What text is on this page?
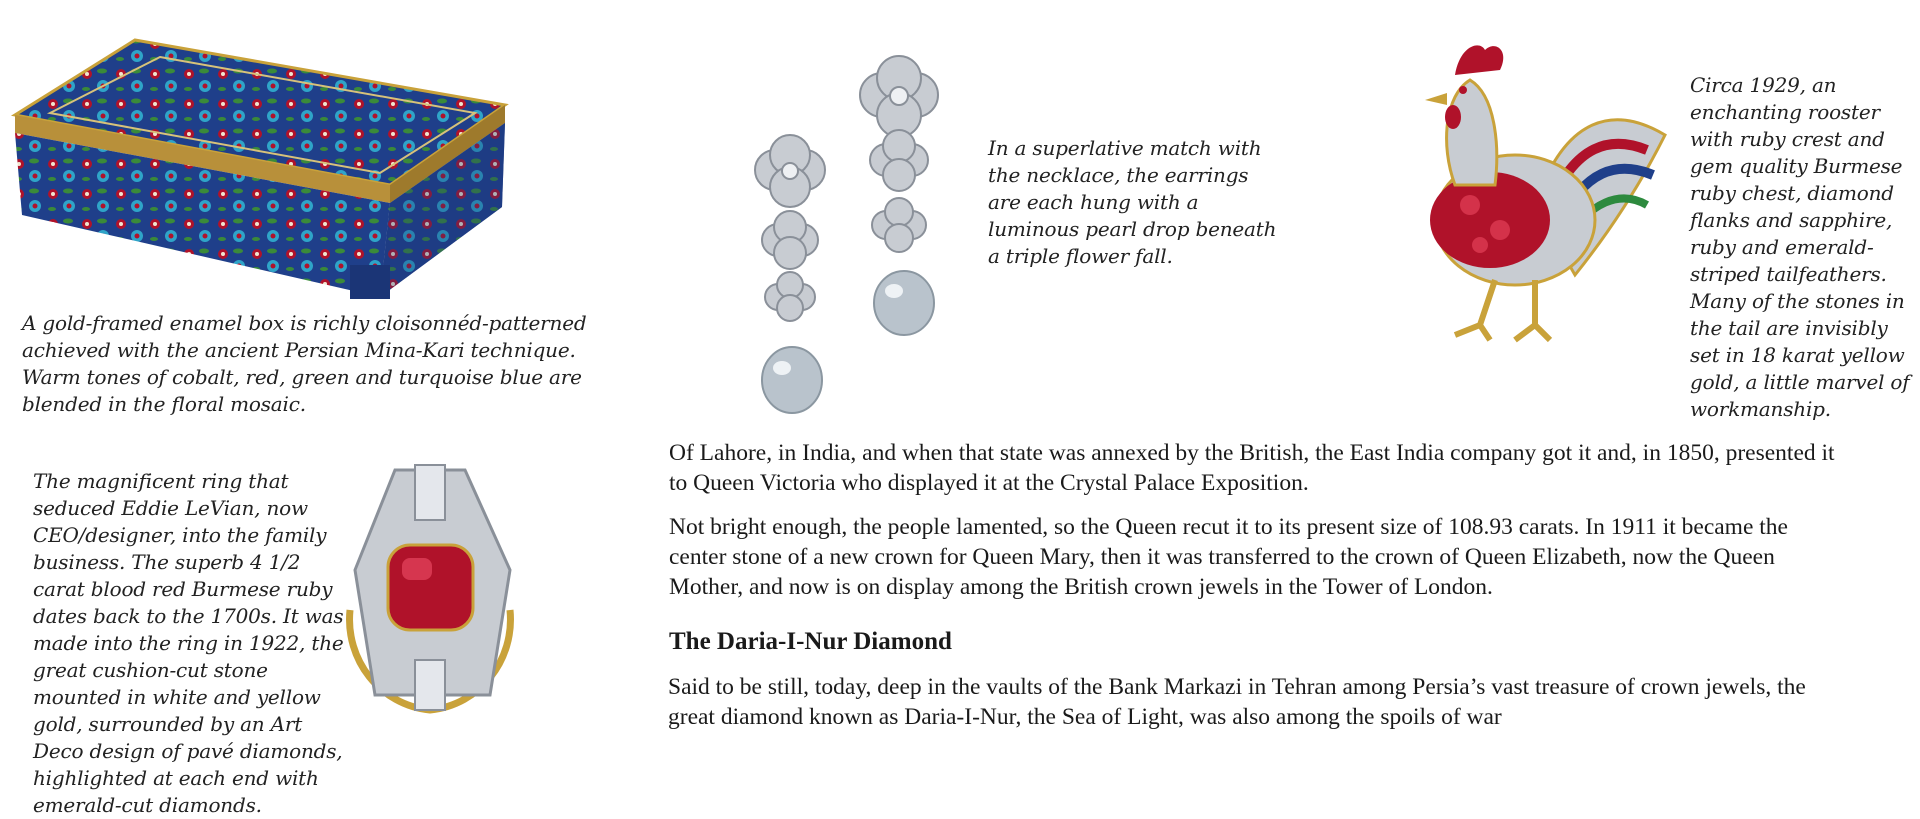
A gold-framed enamel box is richly cloisonnéd-patterned achieved with the ancient Persian Mina-Kari technique. Warm tones of cobalt, red, green and turquoise blue are blended in the floral mosaic.

In a superlative match with the necklace, the earrings are each hung with a luminous pearl drop beneath a triple flower fall.

Circa 1929, an enchanting rooster with ruby crest and gem quality Burmese ruby chest, diamond flanks and sapphire, ruby and emerald-striped tailfeathers. Many of the stones in the tail are invisibly set in 18 karat yellow gold, a little marvel of workmanship.

The magnificent ring that seduced Eddie LeVian, now CEO/designer, into the family business. The superb 4 1/2 carat blood red Burmese ruby dates back to the 1700s. It was made into the ring in 1922, the great cushion-cut stone mounted in white and yellow gold, surrounded by an Art Deco design of pavé diamonds, highlighted at each end with emerald-cut diamonds.

Of Lahore, in India, and when that state was annexed by the British, the East India company got it and, in 1850, presented it to Queen Victoria who displayed it at the Crystal Palace Exposition.

Not bright enough, the people lamented, so the Queen recut it to its present size of 108.93 carats. In 1911 it became the center stone of a new crown for Queen Mary, then it was transferred to the crown of Queen Elizabeth, now the Queen Mother, and now is on display among the British crown jewels in the Tower of London.

The Daria-I-Nur Diamond

Said to be still, today, deep in the vaults of the Bank Markazi in Tehran among Persia’s vast treasure of crown jewels, the great diamond known as Daria-I-Nur, the Sea of Light, was also among the spoils of war
